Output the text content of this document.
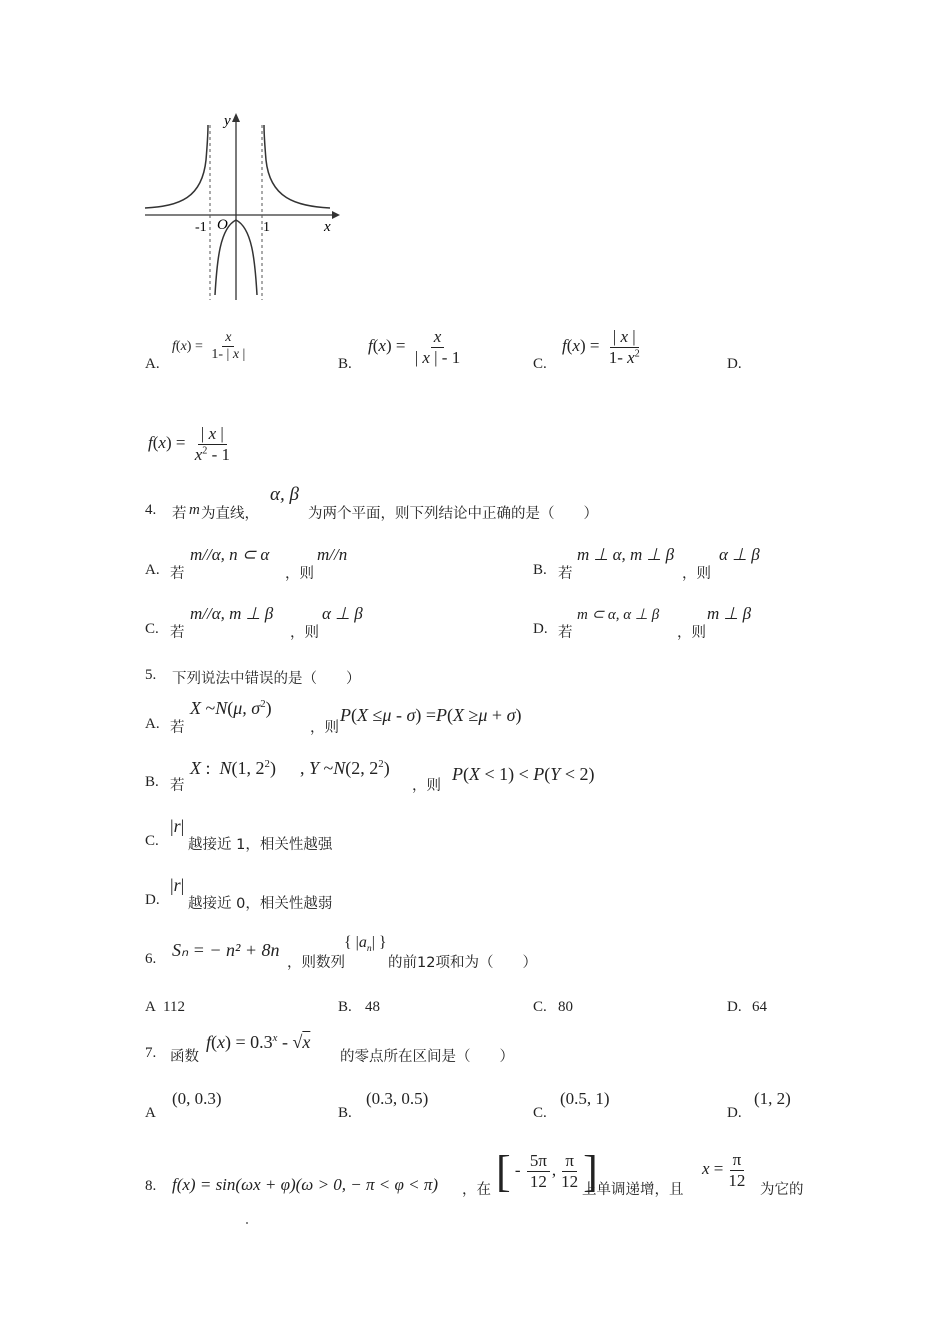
y
x
O
-1	1
A.
$f(x) = \frac{x}{1- | x |}$
B.
$f(x) = \frac{x}{| x | - 1}$	C.
$f(x) = \frac{| x |}{1- x^2}$	D.
$f(x) = \frac{| x |}{x^2 - 1}$
4. 若 m 为直线，
α, β
为两个平面，则下列结论中正确的是（　　）
A. 若
m//α, n ⊂ α
，则
m//n
B. 若
m ⊥ α, m ⊥ β
，则
α ⊥ β
C. 若
m//α, m ⊥ β
，则
α ⊥ β
D. 若
m ⊂ α, α ⊥ β
，则
m ⊥ β
5. 下列说法中错误的是（　　）
A. 若
X ~N(μ, $\sigma^2$)
，则
P(X ≤μ - σ) =P(X ≥μ + σ)
B. 若
X :  N(1, $2^2$) , Y ~N(2, $2^2$)
，则
P(X < 1) < P(Y < 2)
C.
|r|
越接近 1，相关性越强
D.
|r|
越接近 0，相关性越弱
6. Sₙ = − n² + 8n
，则数列
{ $|a_n|$ }
的前12项和为（　　）
A 112	B. 48	C. 80	D. 64
7. 函数
$f(x) = 0.3^x - √x$
的零点所在区间是（　　）
A
(0, 0.3)
B.
(0.3, 0.5)
C.
(0.5, 1)
D.
(1, 2)
8. f(x) = sin(ωx + φ)(ω > 0, − π < φ < π) ，在 [ - $\frac{5\pi}{12}$ , $\frac{\pi}{12}$ ]
上单调递增，且
$x = \frac{\pi}{12}$ 为它的
